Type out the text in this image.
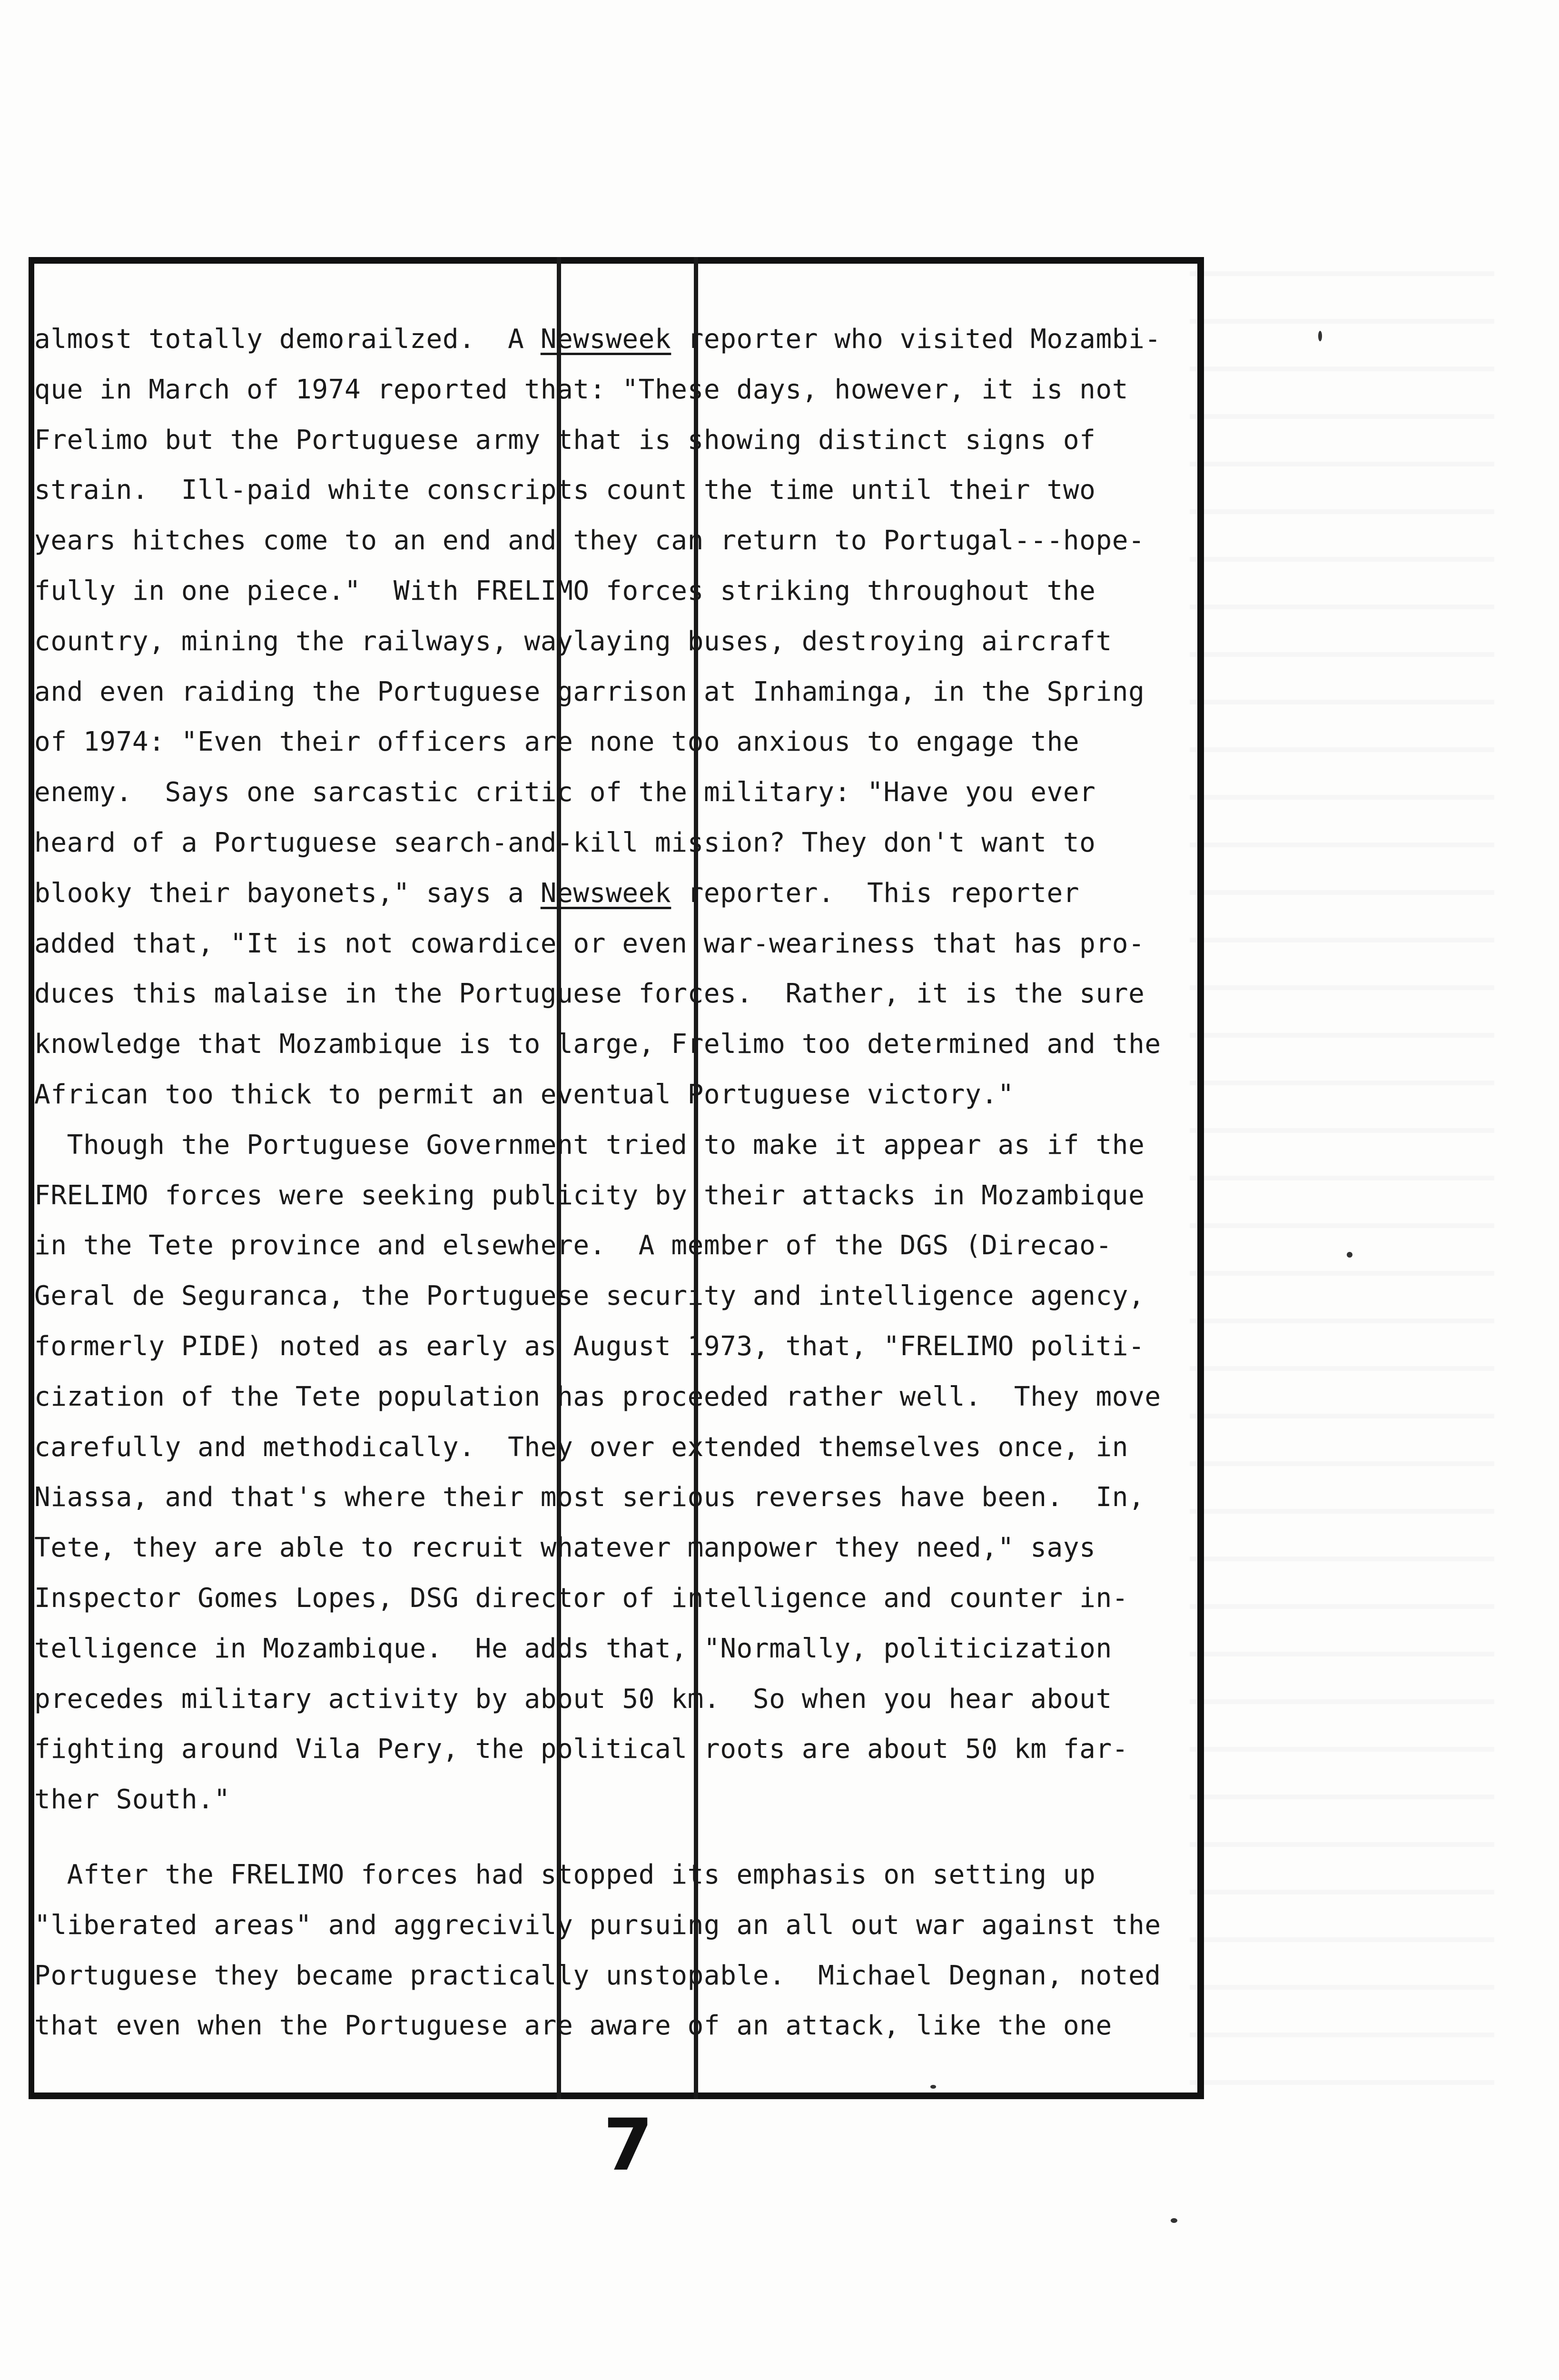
almost totally demorailzed.  A Newsweek reporter who visited Mozambi-
que in March of 1974 reported that: "These days, however, it is not
Frelimo but the Portuguese army that is showing distinct signs of
strain.  Ill-paid white conscripts count the time until their two
years hitches come to an end and they can return to Portugal---hope-
fully in one piece."  With FRELIMO forces striking throughout the
country, mining the railways, waylaying buses, destroying aircraft
and even raiding the Portuguese garrison at Inhaminga, in the Spring
of 1974: "Even their officers are none too anxious to engage the
enemy.  Says one sarcastic critic of the military: "Have you ever
heard of a Portuguese search-and-kill mission? They don't want to
blooky their bayonets," says a Newsweek reporter.  This reporter
added that, "It is not cowardice or even war-weariness that has pro-
duces this malaise in the Portuguese forces.  Rather, it is the sure
knowledge that Mozambique is to large, Frelimo too determined and the
African too thick to permit an eventual Portuguese victory."
Though the Portuguese Government tried to make it appear as if the
FRELIMO forces were seeking publicity by their attacks in Mozambique
in the Tete province and elsewhere.  A member of the DGS (Direcao-
Geral de Seguranca, the Portuguese security and intelligence agency,
formerly PIDE) noted as early as August 1973, that, "FRELIMO politi-
cization of the Tete population has proceeded rather well.  They move
carefully and methodically.  They over extended themselves once, in
Niassa, and that's where their most serious reverses have been.  In,
Tete, they are able to recruit whatever manpower they need," says
Inspector Gomes Lopes, DSG director of intelligence and counter in-
telligence in Mozambique.  He adds that, "Normally, politicization
precedes military activity by about 50 km.  So when you hear about
fighting around Vila Pery, the political roots are about 50 km far-
ther South."
After the FRELIMO forces had stopped its emphasis on setting up
"liberated areas" and aggrecivily pursuing an all out war against the
Portuguese they became practically unstopable.  Michael Degnan, noted
that even when the Portuguese are aware of an attack, like the one
7
